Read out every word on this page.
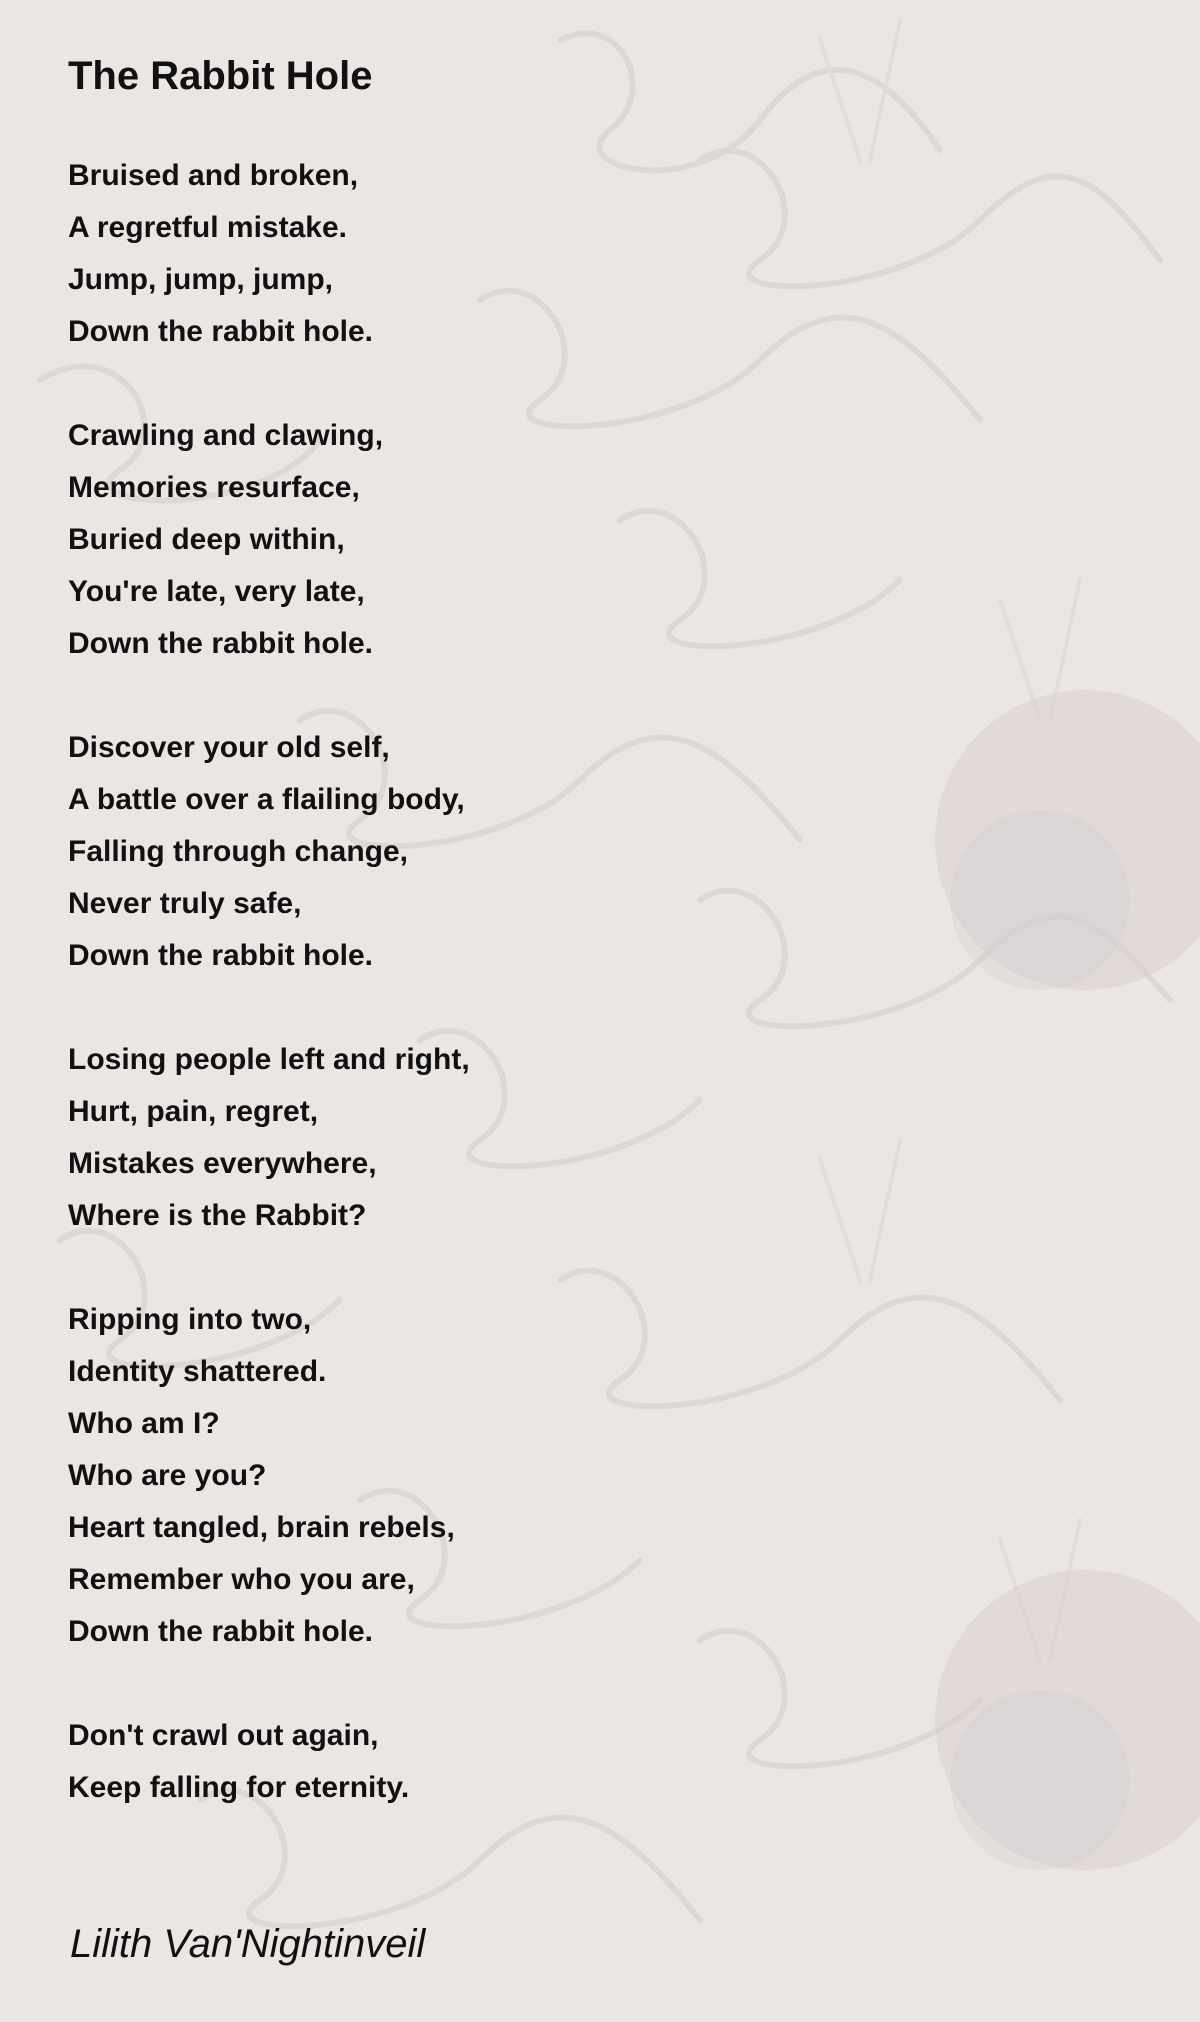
The Rabbit Hole
Bruised and broken,
A regretful mistake.
Jump, jump, jump,
Down the rabbit hole.
Crawling and clawing,
Memories resurface,
Buried deep within,
You're late, very late,
Down the rabbit hole.
Discover your old self,
A battle over a flailing body,
Falling through change,
Never truly safe,
Down the rabbit hole.
Losing people left and right,
Hurt, pain, regret,
Mistakes everywhere,
Where is the Rabbit?
Ripping into two,
Identity shattered.
Who am I?
Who are you?
Heart tangled, brain rebels,
Remember who you are,
Down the rabbit hole.
Don't crawl out again,
Keep falling for eternity.

Lilith Van'Nightinveil
